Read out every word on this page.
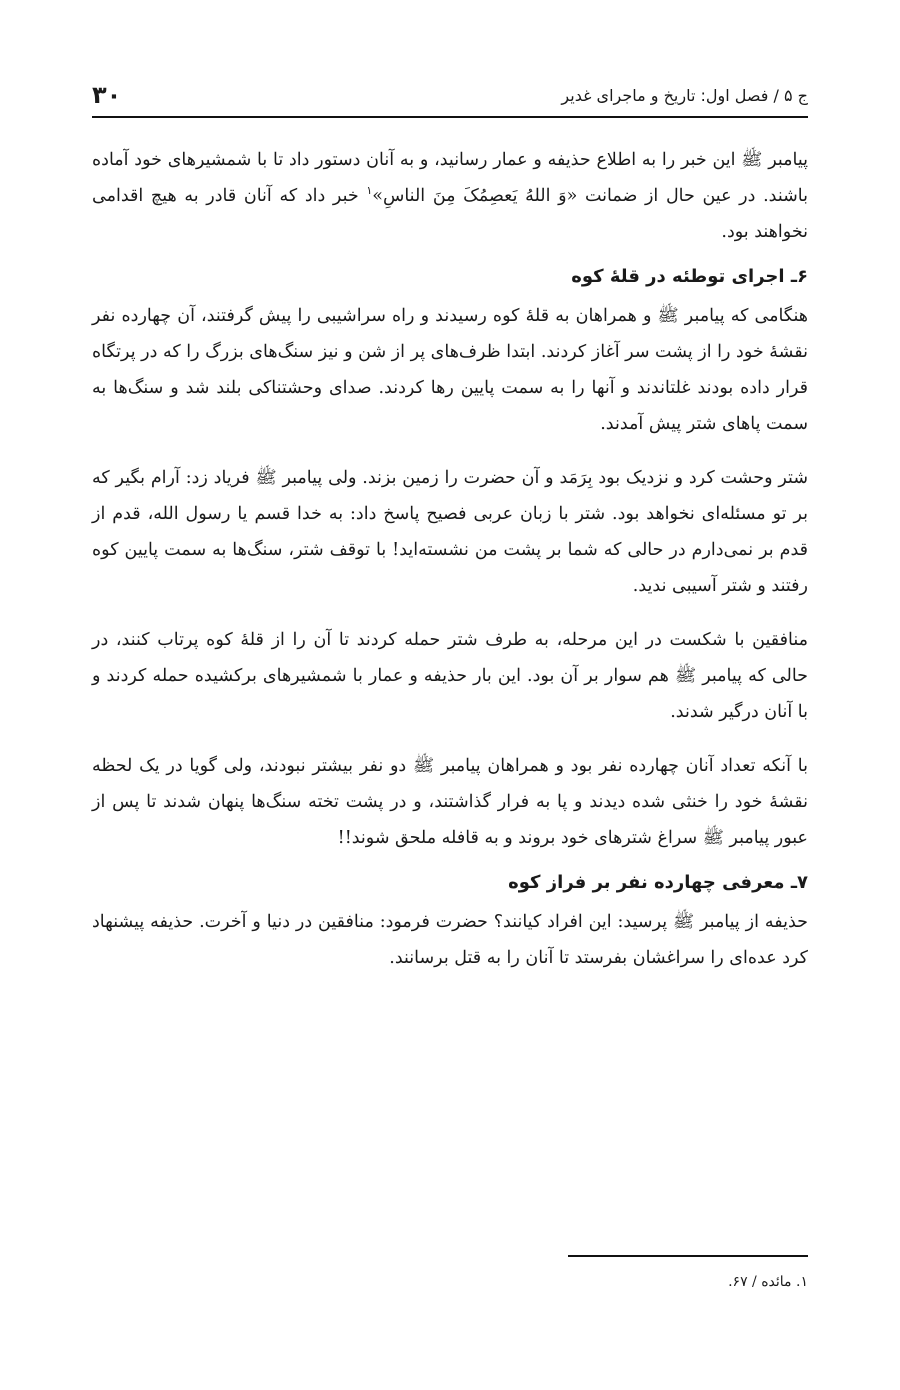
ج ۵ / فصل اول: تاریخ و ماجرای غدیر
۳۰

پیامبر ﷺ این خبر را به اطلاع حذیفه و عمار رسانید، و به آنان دستور داد تا با شمشیرهای خود آماده باشند. در عین حال از ضمانت «وَ اللهُ یَعصِمُکَ مِنَ الناسِ»$^۱$ خبر داد که آنان قادر به هیچ اقدامی نخواهند بود.

۶ـ اجرای توطئه در قلهٔ کوه

هنگامی که پیامبر ﷺ و همراهان به قلهٔ کوه رسیدند و راه سراشیبی را پیش گرفتند، آن چهارده نفر نقشهٔ خود را از پشت سر آغاز کردند. ابتدا ظرف‌های پر از شن و نیز سنگ‌های بزرگ را که در پرتگاه قرار داده بودند غلتاندند و آنها را به سمت پایین رها کردند. صدای وحشتناکی بلند شد و سنگ‌ها به سمت پاهای شتر پیش آمدند.

شتر وحشت کرد و نزدیک بود بِرَمَد و آن حضرت را زمین بزند. ولی پیامبر ﷺ فریاد زد: آرام بگیر که بر تو مسئله‌ای نخواهد بود. شتر با زبان عربی فصیح پاسخ داد: به خدا قسم یا رسول الله، قدم از قدم بر نمی‌دارم در حالی که شما بر پشت من نشسته‌اید! با توقف شتر، سنگ‌ها به سمت پایین کوه رفتند و شتر آسیبی ندید.

منافقین با شکست در این مرحله، به طرف شتر حمله کردند تا آن را از قلهٔ کوه پرتاب کنند، در حالی که پیامبر ﷺ هم سوار بر آن بود. این بار حذیفه و عمار با شمشیرهای برکشیده حمله کردند و با آنان درگیر شدند.

با آنکه تعداد آنان چهارده نفر بود و همراهان پیامبر ﷺ دو نفر بیشتر نبودند، ولی گویا در یک لحظه نقشهٔ خود را خنثی شده دیدند و پا به فرار گذاشتند، و در پشت تخته سنگ‌ها پنهان شدند تا پس از عبور پیامبر ﷺ سراغ شترهای خود بروند و به قافله ملحق شوند!!

۷ـ معرفی چهارده نفر بر فراز کوه

حذیفه از پیامبر ﷺ پرسید: این افراد کیانند؟ حضرت فرمود: منافقین در دنیا و آخرت. حذیفه پیشنهاد کرد عده‌ای را سراغشان بفرستد تا آنان را به قتل برسانند.

۱. مائده / ۶۷.
